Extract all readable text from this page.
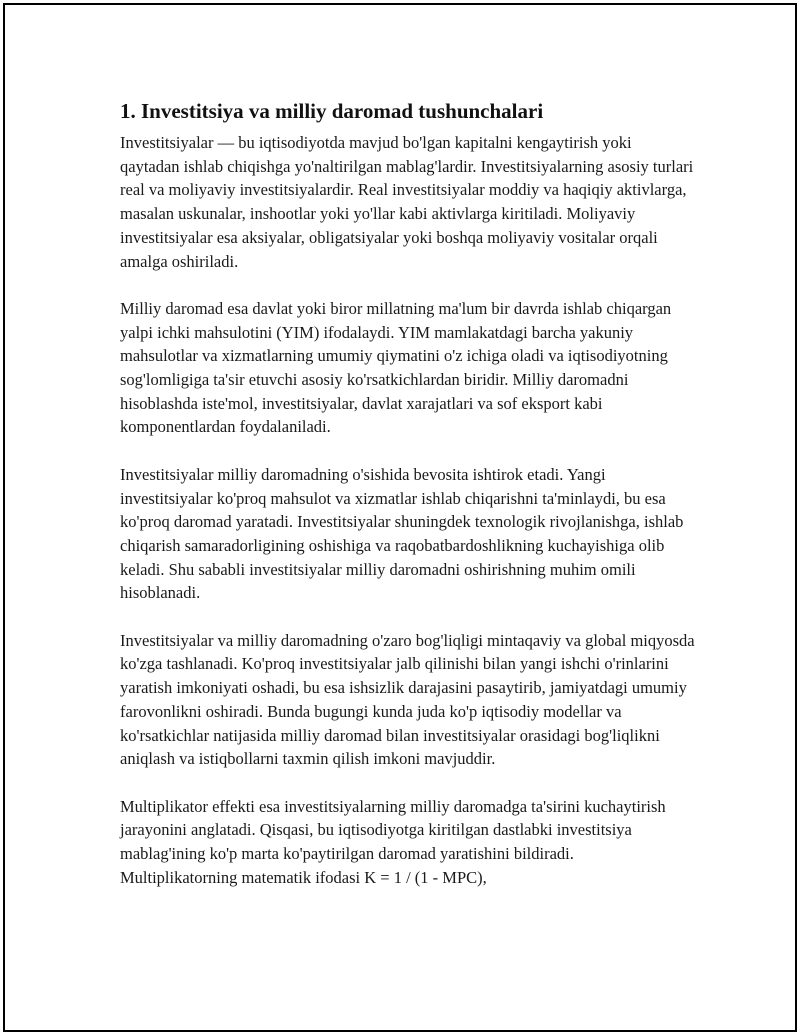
1. Investitsiya va milliy daromad tushunchalari

Investitsiyalar — bu iqtisodiyotda mavjud bo'lgan kapitalni kengaytirish yoki qaytadan ishlab chiqishga yo'naltirilgan mablag'lardir. Investitsiyalarning asosiy turlari real va moliyaviy investitsiyalardir. Real investitsiyalar moddiy va haqiqiy aktivlarga, masalan uskunalar, inshootlar yoki yo'llar kabi aktivlarga kiritiladi. Moliyaviy investitsiyalar esa aksiyalar, obligatsiyalar yoki boshqa moliyaviy vositalar orqali amalga oshiriladi.

Milliy daromad esa davlat yoki biror millatning ma'lum bir davrda ishlab chiqargan yalpi ichki mahsulotini (YIM) ifodalaydi. YIM mamlakatdagi barcha yakuniy mahsulotlar va xizmatlarning umumiy qiymatini o'z ichiga oladi va iqtisodiyotning sog'lomligiga ta'sir etuvchi asosiy ko'rsatkichlardan biridir. Milliy daromadni hisoblashda iste'mol, investitsiyalar, davlat xarajatlari va sof eksport kabi komponentlardan foydalaniladi.

Investitsiyalar milliy daromadning o'sishida bevosita ishtirok etadi. Yangi investitsiyalar ko'proq mahsulot va xizmatlar ishlab chiqarishni ta'minlaydi, bu esa ko'proq daromad yaratadi. Investitsiyalar shuningdek texnologik rivojlanishga, ishlab chiqarish samaradorligining oshishiga va raqobatbardoshlikning kuchayishiga olib keladi. Shu sababli investitsiyalar milliy daromadni oshirishning muhim omili hisoblanadi.

Investitsiyalar va milliy daromadning o'zaro bog'liqligi mintaqaviy va global miqyosda ko'zga tashlanadi. Ko'proq investitsiyalar jalb qilinishi bilan yangi ishchi o'rinlarini yaratish imkoniyati oshadi, bu esa ishsizlik darajasini pasaytirib, jamiyatdagi umumiy farovonlikni oshiradi. Bunda bugungi kunda juda ko'p iqtisodiy modellar va ko'rsatkichlar natijasida milliy daromad bilan investitsiyalar orasidagi bog'liqlikni aniqlash va istiqbollarni taxmin qilish imkoni mavjuddir.

Multiplikator effekti esa investitsiyalarning milliy daromadga ta'sirini kuchaytirish jarayonini anglatadi. Qisqasi, bu iqtisodiyotga kiritilgan dastlabki investitsiya mablag'ining ko'p marta ko'paytirilgan daromad yaratishini bildiradi. Multiplikatorning matematik ifodasi K = 1 / (1 - MPC),
